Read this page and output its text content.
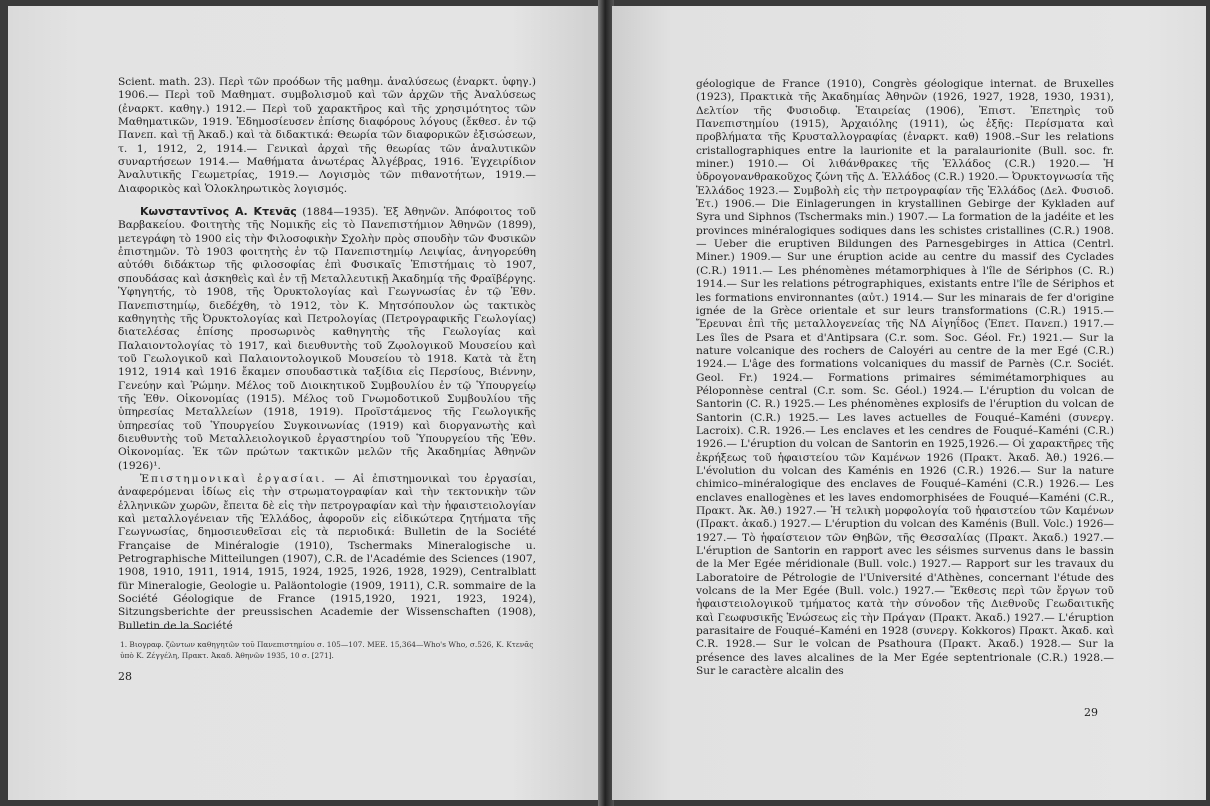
Scient. math. 23). Περὶ τῶν προόδων τῆς μαθημ. ἀναλύσεως (ἐναρκτ. ὑφηγ.) 1906.— Περὶ τοῦ Μαθηματ. συμβολισμοῦ καὶ τῶν ἀρχῶν τῆς Ἀναλύσεως (ἐναρκτ. καθηγ.) 1912.— Περὶ τοῦ χαρακτῆρος καὶ τῆς χρησιμότητος τῶν Μαθηματικῶν, 1919. Ἐδημοσίευσεν ἐπίσης διαφόρους λόγους (ἔκθεσ. ἐν τῷ Πανεπ. καὶ τῇ Ἀκαδ.) καὶ τὰ διδακτικά: Θεωρία τῶν διαφορικῶν ἐξισώσεων, τ. 1, 1912, 2, 1914.— Γενικαὶ ἀρχαὶ τῆς θεωρίας τῶν ἀναλυτικῶν συναρτήσεων 1914.— Μαθήματα ἀνωτέρας Ἀλγέβρας, 1916. Ἐγχειρίδιον Ἀναλυτικῆς Γεωμετρίας, 1919.— Λογισμὸς τῶν πιθανοτήτων, 1919.— Διαφορικὸς καὶ Ὁλοκληρωτικὸς λογισμός.

Κωνσταντῖνος Α. Κτενᾶς (1884—1935). Ἐξ Ἀθηνῶν. Ἀπόφοιτος τοῦ Βαρβακείου. Φοιτητὴς τῆς Νομικῆς εἰς τὸ Πανεπιστήμιον Ἀθηνῶν (1899), μετεγράφη τὸ 1900 εἰς τὴν Φιλοσοφικὴν Σχολὴν πρὸς σπουδὴν τῶν Φυσικῶν ἐπιστημῶν. Τὸ 1903 φοιτητὴς ἐν τῷ Πανεπιστημίῳ Λειψίας, ἀνηγορεύθη αὐτόθι διδάκτωρ τῆς φιλοσοφίας ἐπὶ Φυσικαῖς Ἐπιστήμαις τὸ 1907, σπουδάσας καὶ ἀσκηθεὶς καὶ ἐν τῇ Μεταλλευτικῇ Ἀκαδημίᾳ τῆς Φραϊβέργης. Ὑφηγητής, τὸ 1908, τῆς Ὀρυκτολογίας καὶ Γεωγνωσίας ἐν τῷ Ἐθν. Πανεπιστημίῳ, διεδέχθη, τὸ 1912, τὸν Κ. Μητσόπουλον ὡς τακτικὸς καθηγητὴς τῆς Ὀρυκτολογίας καὶ Πετρολογίας (Πετρογραφικῆς Γεωλογίας) διατελέσας ἐπίσης προσωρινὸς καθηγητὴς τῆς Γεωλογίας καὶ Παλαιοντολογίας τὸ 1917, καὶ διευθυντὴς τοῦ Ζῳολογικοῦ Μουσείου καὶ τοῦ Γεωλογικοῦ καὶ Παλαιοντολογικοῦ Μουσείου τὸ 1918. Κατὰ τὰ ἔτη 1912, 1914 καὶ 1916 ἔκαμεν σπουδαστικὰ ταξίδια εἰς Περσίους, Βιέννην, Γενεύην καὶ Ῥώμην. Μέλος τοῦ Διοικητικοῦ Συμβουλίου ἐν τῷ Ὑπουργείῳ τῆς Ἐθν. Οἰκονομίας (1915). Μέλος τοῦ Γνωμοδοτικοῦ Συμβουλίου τῆς ὑπηρεσίας Μεταλλείων (1918, 1919). Προϊστάμενος τῆς Γεωλογικῆς ὑπηρεσίας τοῦ Ὑπουργείου Συγκοινωνίας (1919) καὶ διοργανωτὴς καὶ διευθυντὴς τοῦ Μεταλλειολογικοῦ ἐργαστηρίου τοῦ Ὑπουργείου τῆς Ἐθν. Οἰκονομίας. Ἐκ τῶν πρώτων τακτικῶν μελῶν τῆς Ἀκαδημίας Ἀθηνῶν (1926)¹.

Ἐπιστημονικαὶ ἐργασίαι. — Αἱ ἐπιστημονικαὶ του ἐργασίαι, ἀναφερόμεναι ἰδίως εἰς τὴν στρωματογραφίαν καὶ τὴν τεκτονικὴν τῶν ἑλληνικῶν χωρῶν, ἔπειτα δὲ εἰς τὴν πετρογραφίαν καὶ τὴν ἡφαιστειολογίαν καὶ μεταλλογένειαν τῆς Ἑλλάδος, ἀφοροῦν εἰς εἰδικώτερα ζητήματα τῆς Γεωγνωσίας, δημοσιευθεῖσαι εἰς τὰ περιοδικά: Bulletin de la Société Française de Minéralogie (1910), Tschermaks Mineralogische u. Petrographische Mitteilungen (1907), C.R. de l'Académie des Sciences (1907, 1908, 1910, 1911, 1914, 1915, 1924, 1925, 1926, 1928, 1929), Centralblatt für Mineralogie, Geologie u. Paläontologie (1909, 1911), C.R. sommaire de la Société Géologique de France (1915,1920, 1921, 1923, 1924), Sitzungsberichte der preussischen Academie der Wissenschaften (1908), Bulletin de la Société

1. Βιογραφ. ζῶντων καθηγητῶν τοῦ Πανεπιστημίου σ. 105—107. ΜΕΕ. 15,364—Who's Who, σ.526, Κ. Κτενᾶς ὑπὸ Κ. Ζέγγέλη, Πρακτ. Ἀκαδ. Ἀθηνῶν 1935, 10 σ. [271].
28

géologique de France (1910), Congrès géologique internat. de Bruxelles (1923), Πρακτικὰ τῆς Ἀκαδημίας Ἀθηνῶν (1926, 1927, 1928, 1930, 1931), Δελτίον τῆς Φυσιοδιφ. Ἑταιρείας (1906), Ἐπιστ. Ἐπετηρὶς τοῦ Πανεπιστημίου (1915), Ἀρχαιόλης (1911), ὡς ἑξῆς: Περίσματα καὶ προβλήματα τῆς Κρυσταλλογραφίας (ἐναρκτ. καθ) 1908.–Sur les relations cristallographiques entre la laurionite et la paralaurionite (Bull. soc. fr. miner.) 1910.— Οἱ λιθάνθρακες τῆς Ἑλλάδος (C.R.) 1920.— Ἡ ὑδρογονανθρακοῦχος ζώνη τῆς Δ. Ἑλλάδος (C.R.) 1920.— Ὀρυκτογνωσία τῆς Ἑλλάδος 1923.— Συμβολὴ εἰς τὴν πετρογραφίαν τῆς Ἑλλάδος (Δελ. Φυσιοδ. Ἑτ.) 1906.— Die Einlagerungen in krystallinen Gebirge der Kykladen auf Syra und Siphnos (Tschermaks min.) 1907.— La formation de la jadéite et les provinces minéralogiques sodiques dans les schistes cristallines (C.R.) 1908.— Ueber die eruptiven Bildungen des Parnesgebirges in Attica (Centrl. Miner.) 1909.— Sur une éruption acide au centre du massif des Cyclades (C.R.) 1911.— Les phénomènes métamorphiques à l'île de Sériphos (C. R.) 1914.— Sur les relations pétrographiques, existants entre l'île de Sériphos et les formations environnantes (αὐτ.) 1914.— Sur les minarais de fer d'origine ignée de la Grèce orientale et sur leurs transformations (C.R.) 1915.— Ἔρευναι ἐπὶ τῆς μεταλλογενείας τῆς ΝΔ Αἰγηΐδος (Ἐπετ. Πανεπ.) 1917.— Les îles de Psara et d'Antipsara (C.r. som. Soc. Géol. Fr.) 1921.— Sur la nature volcanique des rochers de Caloyéri au centre de la mer Egé (C.R.) 1924.— L'âge des formations volcaniques du massif de Parnès (C.r. Sociét. Geol. Fr.) 1924.— Formations primaires sémimétamorphiques au Péloponnèse central (C.r. som. Sc. Géol.) 1924.— L'éruption du volcan de Santorin (C. R.) 1925.— Les phénomènes explosifs de l'éruption du volcan de Santorin (C.R.) 1925.— Les laves actuelles de Fouqué–Kaméni (συνεργ. Lacroix). C.R. 1926.— Les enclaves et les cendres de Fouqué–Kaméni (C.R.) 1926.— L'éruption du volcan de Santorin en 1925,1926.— Οἱ χαρακτῆρες τῆς ἐκρήξεως τοῦ ἡφαιστείου τῶν Καμένων 1926 (Πρακτ. Ἀκαδ. Ἀθ.) 1926.— L'évolution du volcan des Kaménis en 1926 (C.R.) 1926.— Sur la nature chimico–minéralogique des enclaves de Fouqué–Kaméni (C.R.) 1926.— Les enclaves enallogènes et les laves endomorphisées de Fouqué—Kaméni (C.R., Πρακτ. Ἀκ. Ἀθ.) 1927.— Ἡ τελικὴ μορφολογία τοῦ ἡφαιστείου τῶν Καμένων (Πρακτ. ἀκαδ.) 1927.— L'éruption du volcan des Kaménis (Bull. Volc.) 1926—1927.— Τὸ ἡφαίστειον τῶν Θηβῶν, τῆς Θεσσαλίας (Πρακτ. Ἀκαδ.) 1927.— L'éruption de Santorin en rapport avec les séismes survenus dans le bassin de la Mer Egée méridionale (Bull. volc.) 1927.— Rapport sur les travaux du Laboratoire de Pétrologie de l'Université d'Athènes, concernant l'étude des volcans de la Mer Egée (Bull. volc.) 1927.— Ἔκθεσις περὶ τῶν ἔργων τοῦ ἡφαιστειολογικοῦ τμήματος κατὰ τὴν σύνοδον τῆς Διεθνοῦς Γεωδαιτικῆς καὶ Γεωφυσικῆς Ἑνώσεως εἰς τὴν Πράγαν (Πρακτ. Ἀκαδ.) 1927.— L'éruption parasitaire de Fouqué–Kaméni en 1928 (συνεργ. Kokkoros) Πρακτ. Ἀκαδ. καὶ C.R. 1928.— Sur le volcan de Psathoura (Πρακτ. Ἀκαδ.) 1928.— Sur la présence des laves alcalines de la Mer Egée septentrionale (C.R.) 1928.— Sur le caractère alcalin des

29
